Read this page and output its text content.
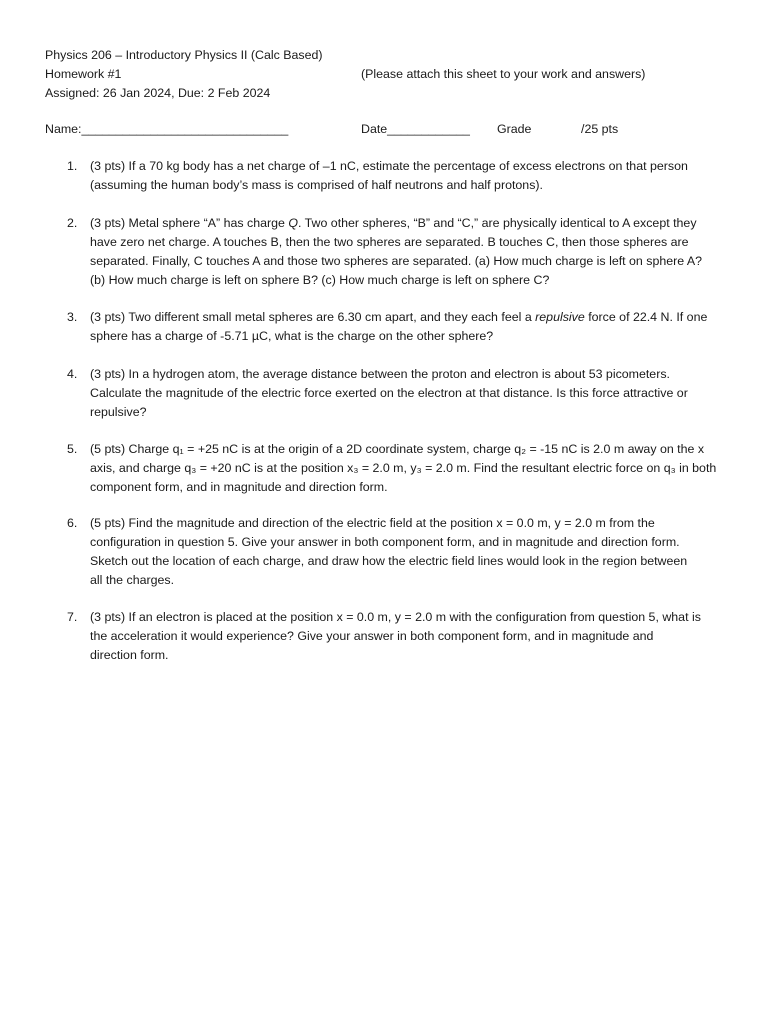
Physics 206 – Introductory Physics II (Calc Based)
Homework #1	(Please attach this sheet to your work and answers)
Assigned: 26 Jan 2024, Due: 2 Feb 2024
Name:______________________________	Date____________ Grade	/25 pts
1. (3 pts) If a 70 kg body has a net charge of –1 nC, estimate the percentage of excess electrons on that person
(assuming the human body’s mass is comprised of half neutrons and half protons).
2. (3 pts) Metal sphere “A” has charge Q. Two other spheres, “B” and “C,” are physically identical to A except they
have zero net charge. A touches B, then the two spheres are separated. B touches C, then those spheres are
separated. Finally, C touches A and those two spheres are separated. (a) How much charge is left on sphere A?
(b) How much charge is left on sphere B? (c) How much charge is left on sphere C?
3. (3 pts) Two different small metal spheres are 6.30 cm apart, and they each feel a repulsive force of 22.4 N. If one
sphere has a charge of -5.71 µC, what is the charge on the other sphere?
4. (3 pts) In a hydrogen atom, the average distance between the proton and electron is about 53 picometers.
Calculate the magnitude of the electric force exerted on the electron at that distance. Is this force attractive or
repulsive?
5. (5 pts) Charge q₁ = +25 nC is at the origin of a 2D coordinate system, charge q₂ = -15 nC is 2.0 m away on the x
axis, and charge q₃ = +20 nC is at the position x₃ = 2.0 m, y₃ = 2.0 m. Find the resultant electric force on q₃ in both
component form, and in magnitude and direction form.
6. (5 pts) Find the magnitude and direction of the electric field at the position x = 0.0 m, y = 2.0 m from the
configuration in question 5. Give your answer in both component form, and in magnitude and direction form.
Sketch out the location of each charge, and draw how the electric field lines would look in the region between
all the charges.
7. (3 pts) If an electron is placed at the position x = 0.0 m, y = 2.0 m with the configuration from question 5, what is
the acceleration it would experience? Give your answer in both component form, and in magnitude and
direction form.
